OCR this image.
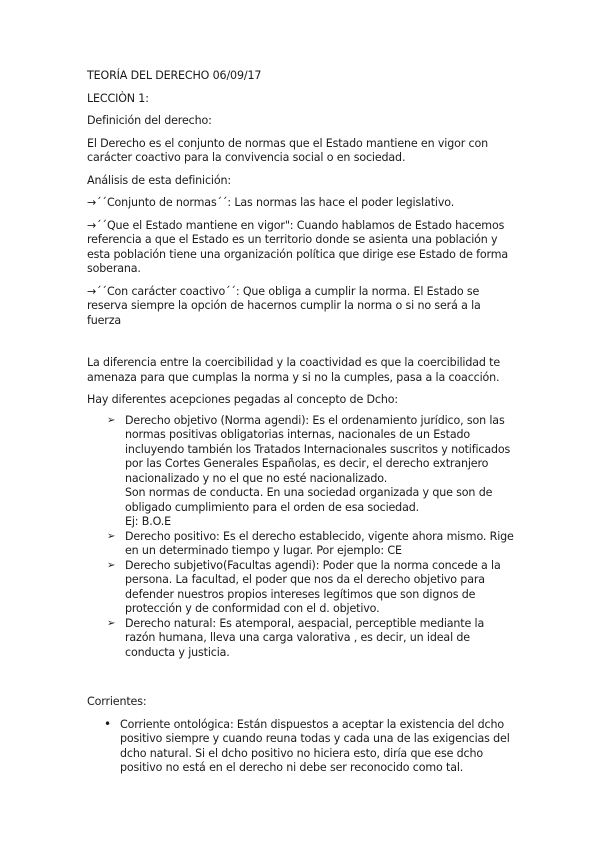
TEORÍA DEL DERECHO 06/09/17
LECCIÒN 1:
Definición del derecho:
El Derecho es el conjunto de normas que el Estado mantiene en vigor con carácter coactivo para la convivencia social o en sociedad.
Análisis de esta definición:
→´´Conjunto de normas´´: Las normas las hace el poder legislativo.
→´´Que el Estado mantiene en vigor": Cuando hablamos de Estado hacemos referencia a que el Estado es un territorio donde se asienta una población y esta población tiene una organización política que dirige ese Estado de forma soberana.
→´´Con carácter coactivo´´: Que obliga a cumplir la norma. El Estado se reserva siempre la opción de hacernos cumplir la norma o si no será a la fuerza
La diferencia entre la coercibilidad y la coactividad es que la coercibilidad te amenaza para que cumplas la norma y si no la cumples, pasa a la coacción.
Hay diferentes acepciones pegadas al concepto de Dcho:
➢ Derecho objetivo (Norma agendi): Es el ordenamiento jurídico, son las normas positivas obligatorias internas, nacionales de un Estado incluyendo también los Tratados Internacionales suscritos y notificados por las Cortes Generales Españolas, es decir, el derecho extranjero nacionalizado y no el que no esté nacionalizado.
Son normas de conducta. En una sociedad organizada y que son de obligado cumplimiento para el orden de esa sociedad.
Ej: B.O.E
➢ Derecho positivo: Es el derecho establecido, vigente ahora mismo. Rige en un determinado tiempo y lugar. Por ejemplo: CE
➢ Derecho subjetivo(Facultas agendi): Poder que la norma concede a la persona. La facultad, el poder que nos da el derecho objetivo para defender nuestros propios intereses legítimos que son dignos de protección y de conformidad con el d. objetivo.
➢ Derecho natural: Es atemporal, aespacial, perceptible mediante la razón humana, lleva una carga valorativa , es decir, un ideal de conducta y justicia.
Corrientes:
• Corriente ontológica: Están dispuestos a aceptar la existencia del dcho positivo siempre y cuando reuna todas y cada una de las exigencias del dcho natural. Si el dcho positivo no hiciera esto, diría que ese dcho positivo no está en el derecho ni debe ser reconocido como tal.
